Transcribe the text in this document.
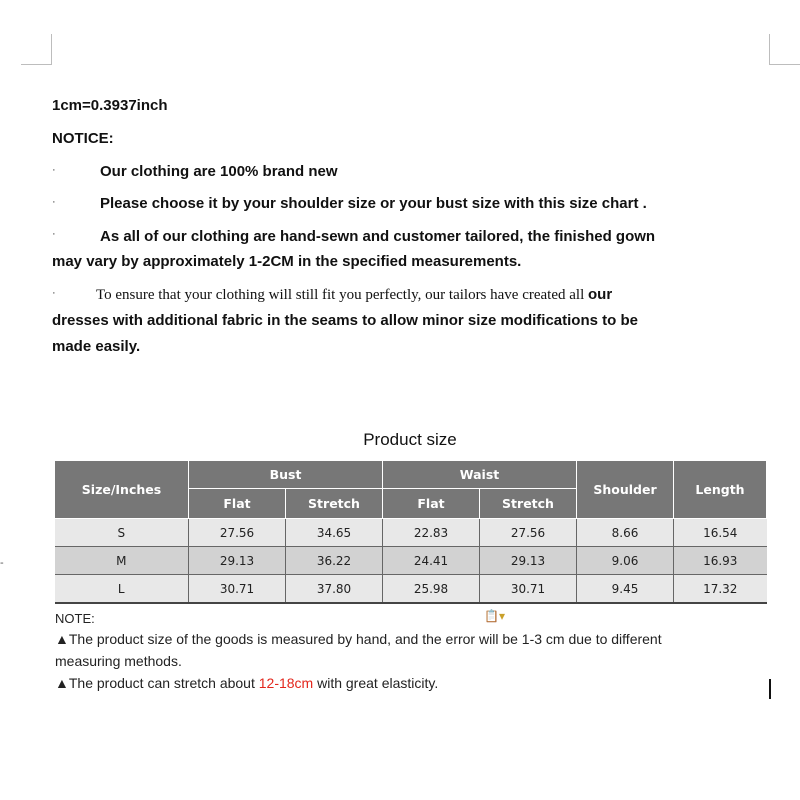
1cm=0.3937inch
NOTICE:
·	Our clothing are 100% brand new
·	Please choose it by your shoulder size or your bust size with this size chart .
·	As all of our clothing are hand-sewn and customer tailored, the finished gown
may vary by approximately 1-2CM in the specified measurements.
·	To ensure that your clothing will still fit you perfectly, our tailors have created all our
dresses with additional fabric in the seams to allow minor size modifications to be
made easily.
Product size
Size/Inches	Bust		Waist		Shoulder	Length
	Flat	Stretch	Flat	Stretch		
S	27.56	34.65	22.83	27.56	8.66	16.54
M	29.13	36.22	24.41	29.13	9.06	16.93
L	30.71	37.80	25.98	30.71	9.45	17.32
-
📋▾
NOTE:
▲The product size of the goods is measured by hand, and the error will be 1-3 cm due to different
measuring methods.
▲The product can stretch about 12-18cm with great elasticity.
